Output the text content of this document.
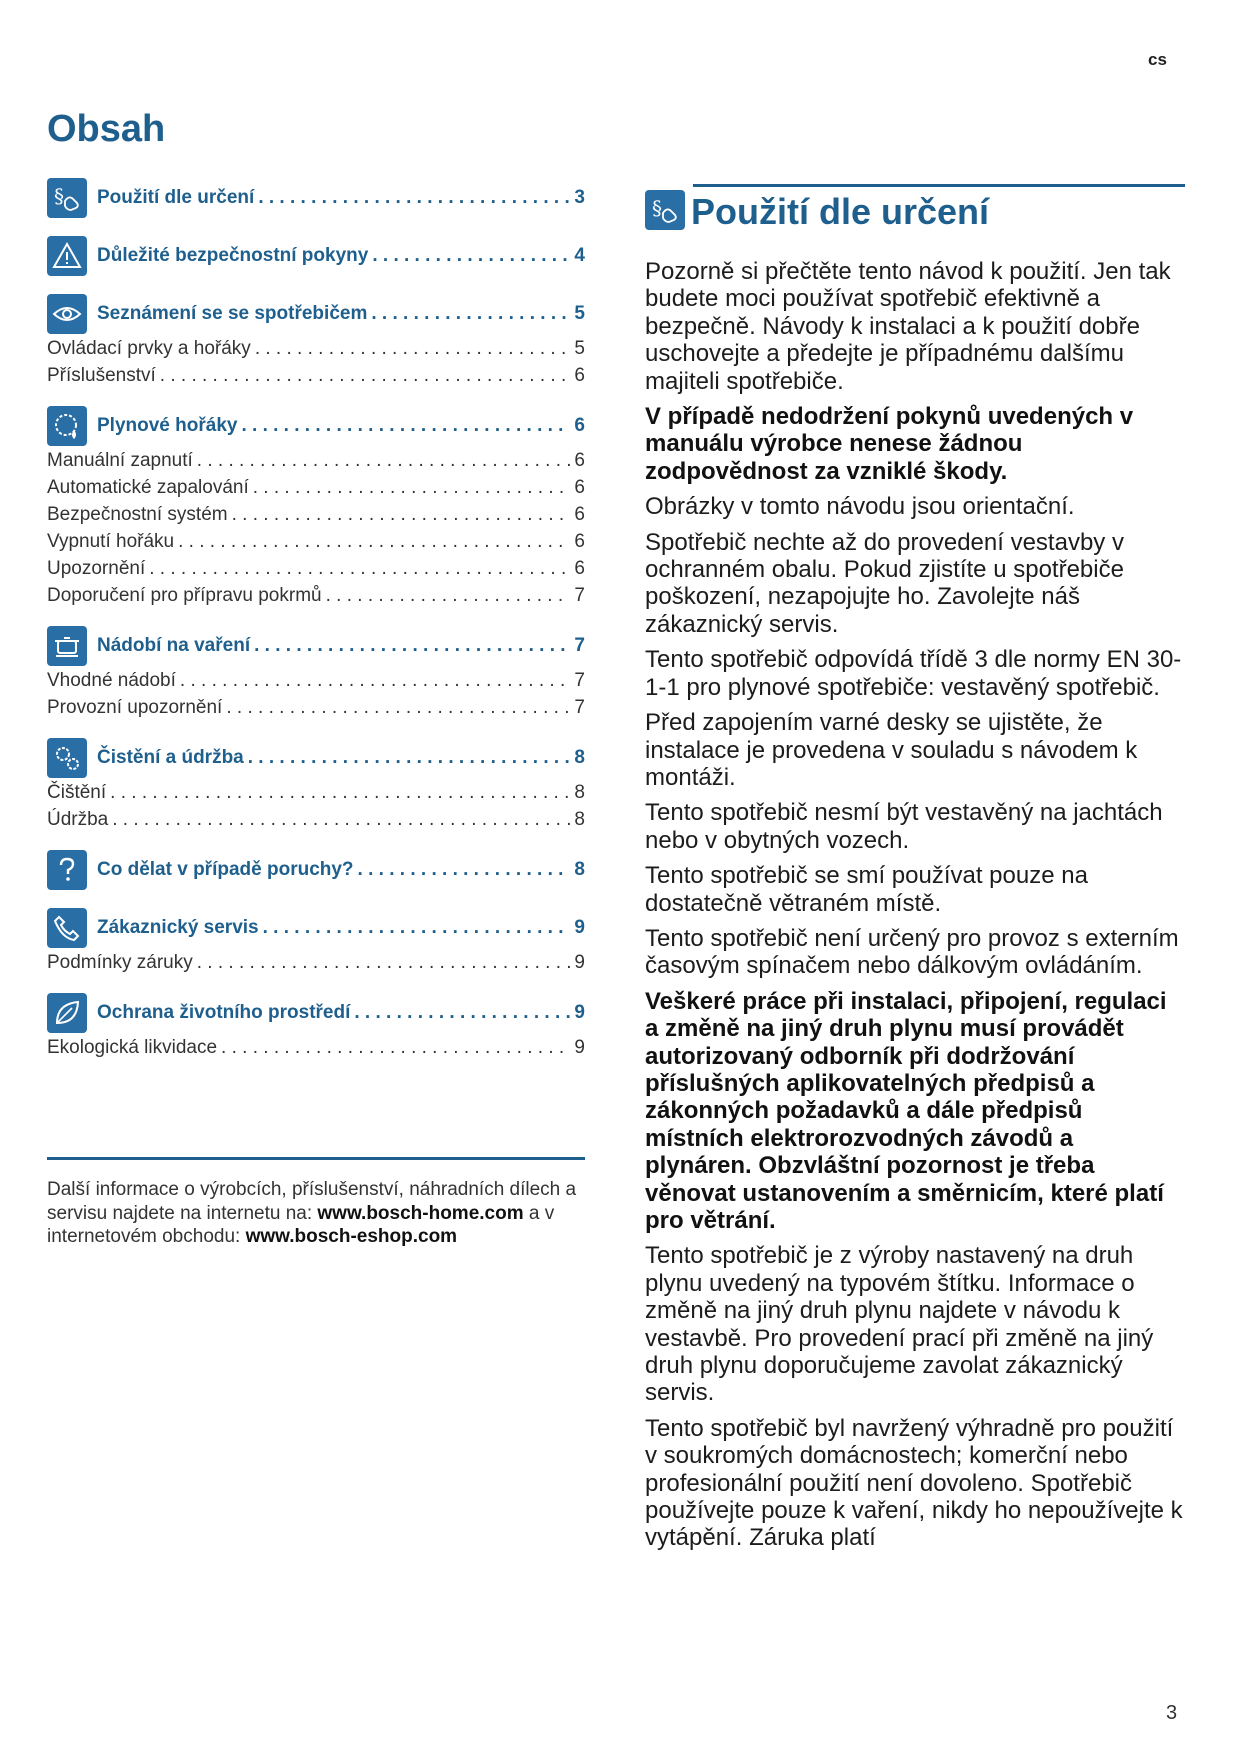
cs
Obsah
§ Použití dle určení . . .	3
Důležité bezpečnostní pokyny . . .	4
Seznámení se se spotřebičem . . .	5
Ovládací prvky a hořáky . . .	5
Příslušenství . . .	6
Plynové hořáky . . .	6
Manuální zapnutí . . .	6
Automatické zapalování . . .	6
Bezpečnostní systém . . .	6
Vypnutí hořáku . . .	6
Upozornění . . .	6
Doporučení pro přípravu pokrmů . . .	7
Nádobí na vaření . . .	7
Vhodné nádobí . . .	7
Provozní upozornění . . .	7
Čistění a údržba . . .	8
Čištění . . .	8
Údržba . . .	8
Co dělat v případě poruchy? . . .	8
Zákaznický servis . . .	9
Podmínky záruky . . .	9
Ochrana životního prostředí . . .	9
Ekologická likvidace . . .	9
Další informace o výrobcích, příslušenství, náhradních dílech a servisu najdete na internetu na: www.bosch-home.com a v internetovém obchodu: www.bosch-eshop.com
§ Použití dle určení

Pozorně si přečtěte tento návod k použití. Jen tak budete moci používat spotřebič efektivně a bezpečně. Návody k instalaci a k použití dobře uschovejte a předejte je případnému dalšímu majiteli spotřebiče.

V případě nedodržení pokynů uvedených v manuálu výrobce nenese žádnou zodpovědnost za vzniklé škody.

Obrázky v tomto návodu jsou orientační.

Spotřebič nechte až do provedení vestavby v ochranném obalu. Pokud zjistíte u spotřebiče poškození, nezapojujte ho. Zavolejte náš zákaznický servis.

Tento spotřebič odpovídá třídě 3 dle normy EN 30-1-1 pro plynové spotřebiče: vestavěný spotřebič.

Před zapojením varné desky se ujistěte, že instalace je provedena v souladu s návodem k montáži.

Tento spotřebič nesmí být vestavěný na jachtách nebo v obytných vozech.

Tento spotřebič se smí používat pouze na dostatečně větraném místě.

Tento spotřebič není určený pro provoz s externím časovým spínačem nebo dálkovým ovládáním.

Veškeré práce při instalaci, připojení, regulaci a změně na jiný druh plynu musí provádět autorizovaný odborník při dodržování příslušných aplikovatelných předpisů a zákonných požadavků a dále předpisů místních elektrorozvodných závodů a plynáren. Obzvláštní pozornost je třeba věnovat ustanovením a směrnicím, které platí pro větrání.

Tento spotřebič je z výroby nastavený na druh plynu uvedený na typovém štítku. Informace o změně na jiný druh plynu najdete v návodu k vestavbě. Pro provedení prací při změně na jiný druh plynu doporučujeme zavolat zákaznický servis.

Tento spotřebič byl navržený výhradně pro použití v soukromých domácnostech; komerční nebo profesionální použití není dovoleno. Spotřebič používejte pouze k vaření, nikdy ho nepoužívejte k vytápění. Záruka platí

3
